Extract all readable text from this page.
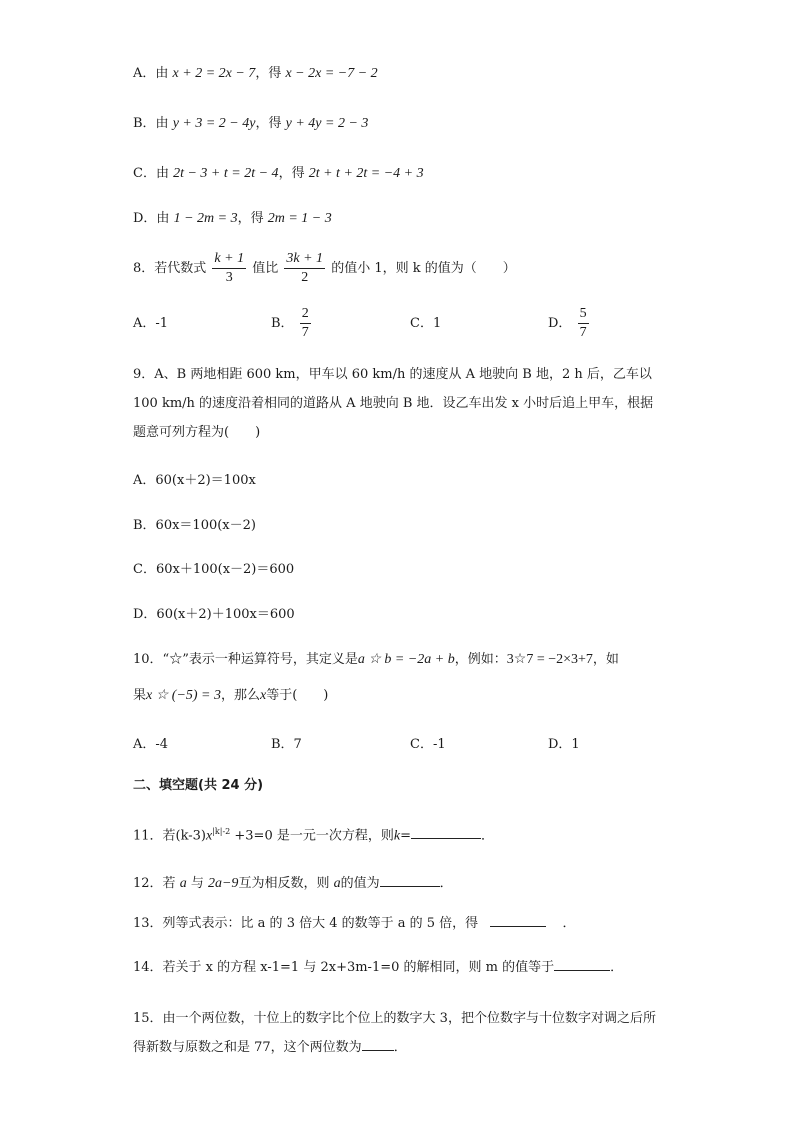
A．由 x + 2 = 2x − 7，得 x − 2x = −7 − 2
B．由 y + 3 = 2 − 4y，得 y + 4y = 2 − 3
C．由 2t − 3 + t = 2t − 4，得 2t + t + 2t = −4 + 3
D．由 1 − 2m = 3，得 2m = 1 − 3
8．若代数式 $\frac{k + 1}{3}$ 值比 $\frac{3k + 1}{2}$ 的值小 1，则 k 的值为（　　）
A．-1	B． $\frac{2}{7}$	C．1	D． $\frac{5}{7}$
9．A、B 两地相距 600 km，甲车以 60 km/h 的速度从 A 地驶向 B 地，2 h 后，乙车以 100 km/h 的速度沿着相同的道路从 A 地驶向 B 地．设乙车出发 x 小时后追上甲车，根据题意可列方程为(　　)
A．60(x＋2)＝100x
B．60x＝100(x－2)
C．60x＋100(x－2)＝600
D．60(x＋2)＋100x＝600
10．“☆”表示一种运算符号，其定义是a ☆ b = −2a + b，例如：3☆7 = −2×3+7，如
果x ☆ (−5) = 3，那么x等于(　　)
A．-4	B．7	C．-1	D．1
二、填空题(共 24 分)
11．若$(k-3)x^{|k|-2} +3=0$ 是一元一次方程，则k=	．
12．若 a 与 2a−9互为相反数，则 a的值为	．
13．列等式表示：比 a 的 3 倍大 4 的数等于 a 的 5 倍，得	．
14．若关于 x 的方程 x-1=1 与 2x+3m-1=0 的解相同，则 m 的值等于	．
15．由一个两位数，十位上的数字比个位上的数字大 3，把个位数字与十位数字对调之后所得新数与原数之和是 77，这个两位数为 ．
